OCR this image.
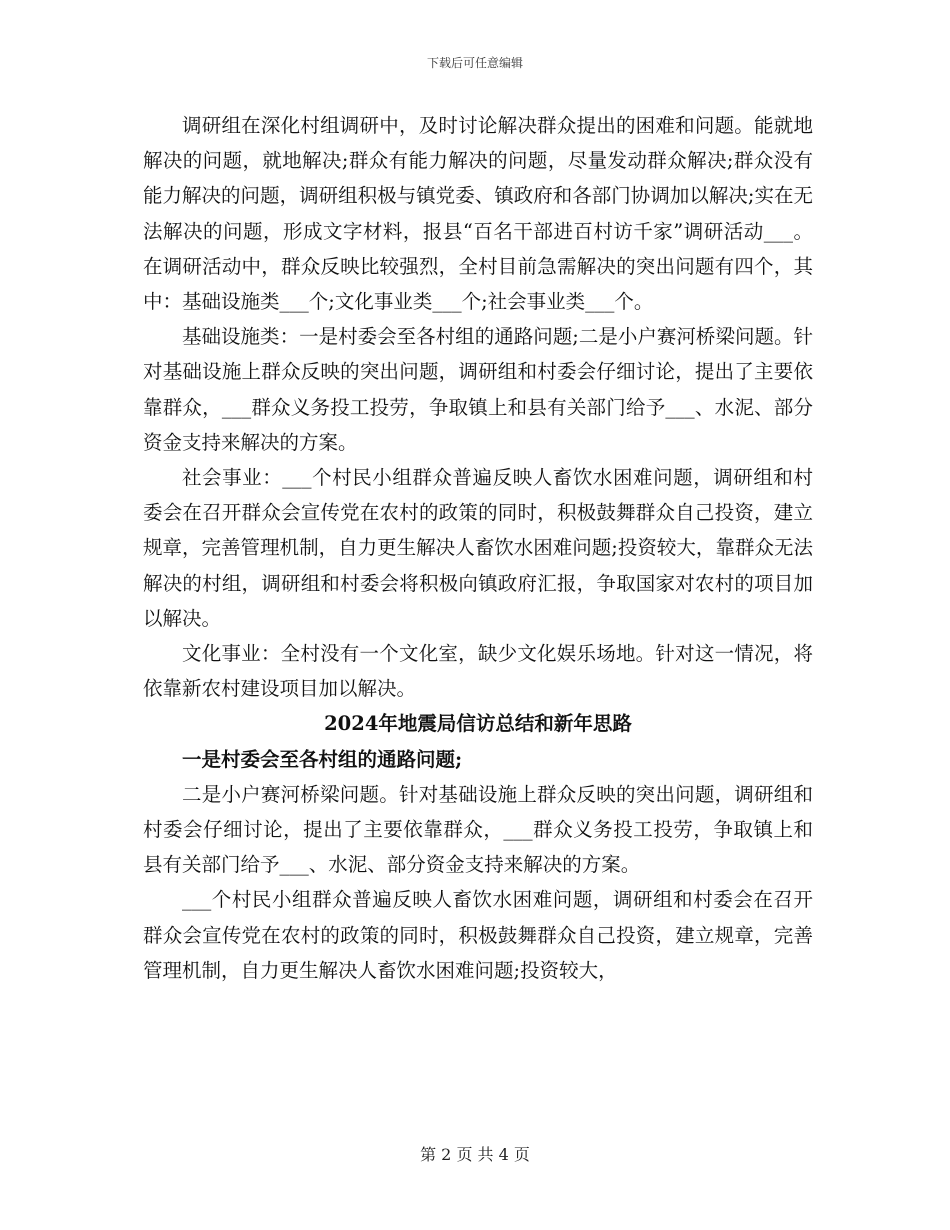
下载后可任意编辑

调研组在深化村组调研中，及时讨论解决群众提出的困难和问题。能就地解决的问题，就地解决;群众有能力解决的问题，尽量发动群众解决;群众没有能力解决的问题，调研组积极与镇党委、镇政府和各部门协调加以解决;实在无法解决的问题，形成文字材料，报县“百名干部进百村访千家”调研活动___。在调研活动中，群众反映比较强烈，全村目前急需解决的突出问题有四个，其中：基础设施类___个;文化事业类___个;社会事业类___个。

基础设施类：一是村委会至各村组的通路问题;二是小户赛河桥梁问题。针对基础设施上群众反映的突出问题，调研组和村委会仔细讨论，提出了主要依靠群众，___群众义务投工投劳，争取镇上和县有关部门给予___、水泥、部分资金支持来解决的方案。

社会事业：___个村民小组群众普遍反映人畜饮水困难问题，调研组和村委会在召开群众会宣传党在农村的政策的同时，积极鼓舞群众自己投资，建立规章，完善管理机制，自力更生解决人畜饮水困难问题;投资较大，靠群众无法解决的村组，调研组和村委会将积极向镇政府汇报，争取国家对农村的项目加以解决。

文化事业：全村没有一个文化室，缺少文化娱乐场地。针对这一情况，将依靠新农村建设项目加以解决。

2024年地震局信访总结和新年思路

一是村委会至各村组的通路问题;

二是小户赛河桥梁问题。针对基础设施上群众反映的突出问题，调研组和村委会仔细讨论，提出了主要依靠群众，___群众义务投工投劳，争取镇上和县有关部门给予___、水泥、部分资金支持来解决的方案。

___个村民小组群众普遍反映人畜饮水困难问题，调研组和村委会在召开群众会宣传党在农村的政策的同时，积极鼓舞群众自己投资，建立规章，完善管理机制，自力更生解决人畜饮水困难问题;投资较大，

第 2 页 共 4 页
